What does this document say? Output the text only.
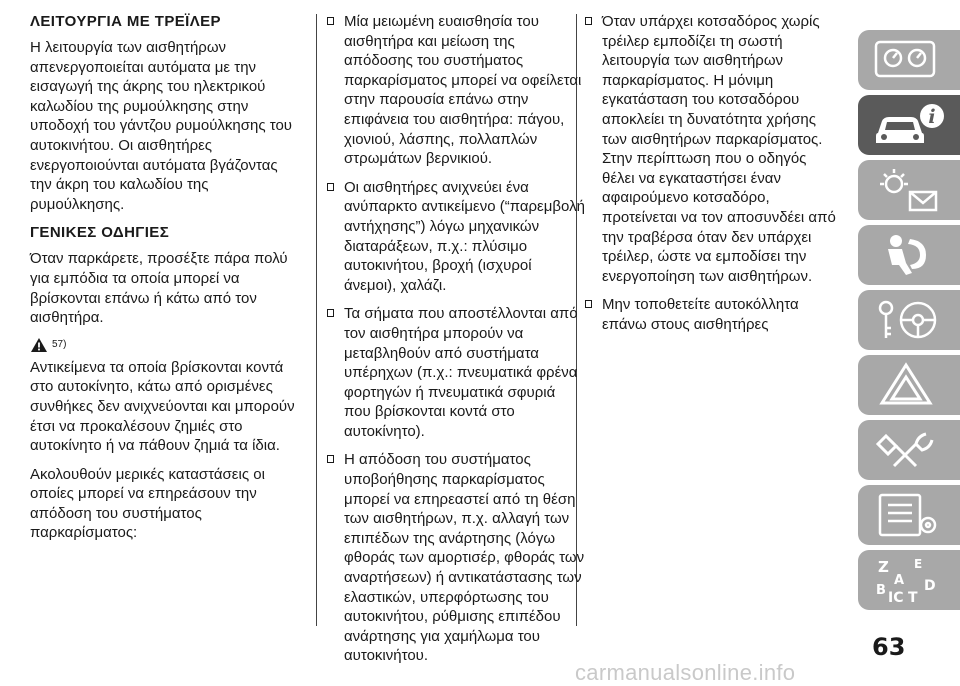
ΛΕΙΤΟΥΡΓΙΑ ΜΕ ΤΡΕΪΛΕΡ

Η λειτουργία των αισθητήρων απενεργοποιείται αυτόματα με την εισαγωγή της άκρης του ηλεκτρικού καλωδίου της ρυμούλκησης στην υποδοχή του γάντζου ρυμούλκησης του αυτοκινήτου. Οι αισθητήρες ενεργοποιούνται αυτόματα βγάζοντας την άκρη του καλωδίου της ρυμούλκησης.

ΓΕΝΙΚΕΣ ΟΔΗΓΙΕΣ

Όταν παρκάρετε, προσέξτε πάρα πολύ για εμπόδια τα οποία μπορεί να βρίσκονται επάνω ή κάτω από τον αισθητήρα.

57)

Αντικείμενα τα οποία βρίσκονται κοντά στο αυτοκίνητο, κάτω από ορισμένες συνθήκες δεν ανιχνεύονται και μπορούν έτσι να προκαλέσουν ζημιές στο αυτοκίνητο ή να πάθουν ζημιά τα ίδια.

Ακολουθούν μερικές καταστάσεις οι οποίες μπορεί να επηρεάσουν την απόδοση του συστήματος παρκαρίσματος:

Μία μειωμένη ευαισθησία του αισθητήρα και μείωση της απόδοσης του συστήματος παρκαρίσματος μπορεί να οφείλεται στην παρουσία επάνω στην επιφάνεια του αισθητήρα: πάγου, χιονιού, λάσπης, πολλαπλών στρωμάτων βερνικιού.
Οι αισθητήρες ανιχνεύει ένα ανύπαρκτο αντικείμενο (“παρεμβολή αντήχησης”) λόγω μηχανικών διαταράξεων, π.χ.: πλύσιμο αυτοκινήτου, βροχή (ισχυροί άνεμοι), χαλάζι.
Τα σήματα που αποστέλλονται από τον αισθητήρα μπορούν να μεταβληθούν από συστήματα υπέρηχων (π.χ.: πνευματικά φρένα φορτηγών ή πνευματικά σφυριά που βρίσκονται κοντά στο αυτοκίνητο).
Η απόδοση του συστήματος υποβοήθησης παρκαρίσματος μπορεί να επηρεαστεί από τη θέση των αισθητήρων, π.χ. αλλαγή των επιπέδων της ανάρτησης (λόγω φθοράς των αμορτισέρ, φθοράς των αναρτήσεων) ή αντικατάστασης των ελαστικών, υπερφόρτωσης του αυτοκινήτου, ρύθμισης επιπέδου ανάρτησης για χαμήλωμα του αυτοκινήτου.
Όταν υπάρχει κοτσαδόρος χωρίς τρέιλερ εμποδίζει τη σωστή λειτουργία των αισθητήρων παρκαρίσματος. Η μόνιμη εγκατάσταση του κοτσαδόρου αποκλείει τη δυνατότητα χρήσης των αισθητήρων παρκαρίσματος. Στην περίπτωση που ο οδηγός θέλει να εγκαταστήσει έναν αφαιρούμενο κοτσαδόρο, προτείνεται να τον αποσυνδέει από την τραβέρσα όταν δεν υπάρχει τρέιλερ, ώστε να εμποδίσει την ενεργοποίηση των αισθητήρων.
Μην τοποθετείτε αυτοκόλλητα επάνω στους αισθητήρες
i
Z E
A
B	D
IC T
63
carmanualsonline.info
